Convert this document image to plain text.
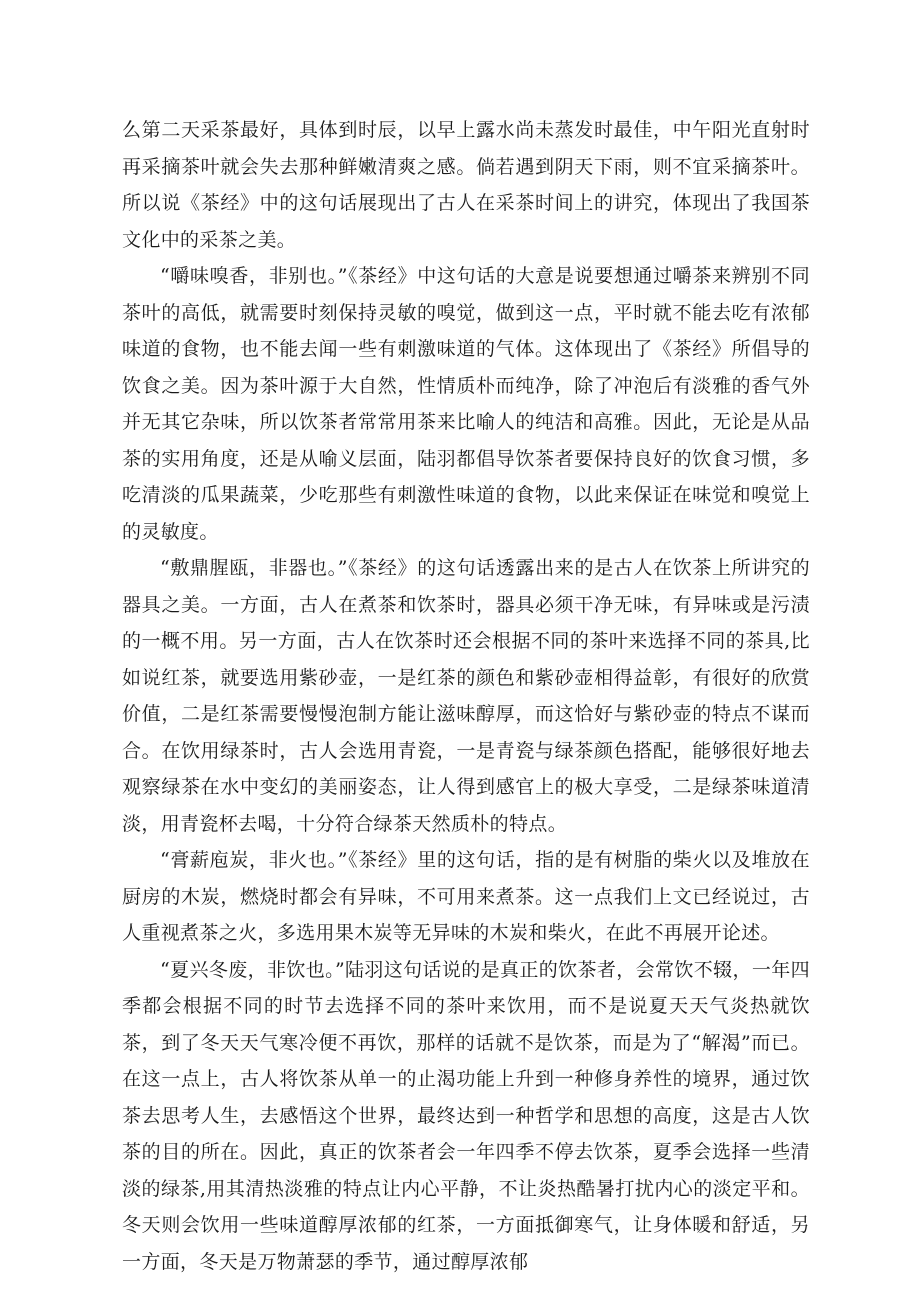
么第二天采茶最好，具体到时辰，以早上露水尚未蒸发时最佳，中午阳光直射时再采摘茶叶就会失去那种鲜嫩清爽之感。倘若遇到阴天下雨，则不宜采摘茶叶。所以说《茶经》中的这句话展现出了古人在采茶时间上的讲究，体现出了我国茶文化中的采茶之美。

“嚼味嗅香，非别也。”《茶经》中这句话的大意是说要想通过嚼茶来辨别不同茶叶的高低，就需要时刻保持灵敏的嗅觉，做到这一点，平时就不能去吃有浓郁味道的食物，也不能去闻一些有刺激味道的气体。这体现出了《茶经》所倡导的饮食之美。因为茶叶源于大自然，性情质朴而纯净，除了冲泡后有淡雅的香气外并无其它杂味，所以饮茶者常常用茶来比喻人的纯洁和高雅。因此，无论是从品茶的实用角度，还是从喻义层面，陆羽都倡导饮茶者要保持良好的饮食习惯，多吃清淡的瓜果蔬菜，少吃那些有刺激性味道的食物，以此来保证在味觉和嗅觉上的灵敏度。

“敷鼎腥瓯，非器也。”《茶经》的这句话透露出来的是古人在饮茶上所讲究的器具之美。一方面，古人在煮茶和饮茶时，器具必须干净无味，有异味或是污渍的一概不用。另一方面，古人在饮茶时还会根据不同的茶叶来选择不同的茶具,比如说红茶，就要选用紫砂壶，一是红茶的颜色和紫砂壶相得益彰，有很好的欣赏价值，二是红茶需要慢慢泡制方能让滋味醇厚，而这恰好与紫砂壶的特点不谋而合。在饮用绿茶时，古人会选用青瓷，一是青瓷与绿茶颜色搭配，能够很好地去观察绿茶在水中变幻的美丽姿态，让人得到感官上的极大享受，二是绿茶味道清淡，用青瓷杯去喝，十分符合绿茶天然质朴的特点。

“膏薪庖炭，非火也。”《茶经》里的这句话，指的是有树脂的柴火以及堆放在厨房的木炭，燃烧时都会有异味，不可用来煮茶。这一点我们上文已经说过，古人重视煮茶之火，多选用果木炭等无异味的木炭和柴火，在此不再展开论述。

“夏兴冬废，非饮也。”陆羽这句话说的是真正的饮茶者，会常饮不辍，一年四季都会根据不同的时节去选择不同的茶叶来饮用，而不是说夏天天气炎热就饮茶，到了冬天天气寒冷便不再饮，那样的话就不是饮茶，而是为了“解渴”而已。在这一点上，古人将饮茶从单一的止渴功能上升到一种修身养性的境界，通过饮茶去思考人生，去感悟这个世界，最终达到一种哲学和思想的高度，这是古人饮茶的目的所在。因此，真正的饮茶者会一年四季不停去饮茶，夏季会选择一些清淡的绿茶,用其清热淡雅的特点让内心平静，不让炎热酷暑打扰内心的淡定平和。冬天则会饮用一些味道醇厚浓郁的红茶，一方面抵御寒气，让身体暖和舒适，另一方面，冬天是万物萧瑟的季节，通过醇厚浓郁
